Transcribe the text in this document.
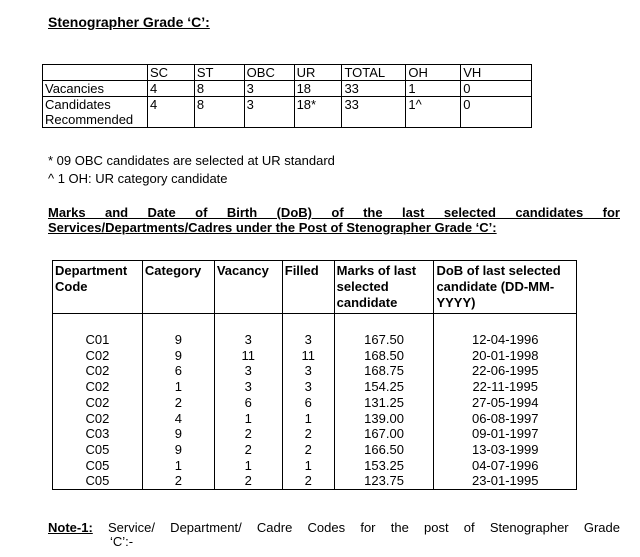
Stenographer Grade ‘C’:
	SC	ST	OBC	UR	TOTAL	OH	VH
Vacancies	4	8	3	18	33	1	0
Candidates Recommended	4	8	3	18*	33	1^	0
* 09 OBC candidates are selected at UR standard
^ 1 OH: UR category candidate
Marks and Date of Birth (DoB) of the last selected candidates for
Services/Departments/Cadres under the Post of Stenographer Grade ‘C’:
Department Code	Category	Vacancy	Filled	Marks of last selected candidate	DoB of last selected candidate (DD-MM-YYYY)

C01	9	3	3	167.50	12-04-1996
C02	9	11	11	168.50	20-01-1998
C02	6	3	3	168.75	22-06-1995
C02	1	3	3	154.25	22-11-1995
C02	2	6	6	131.25	27-05-1994
C02	4	1	1	139.00	06-08-1997
C03	9	2	2	167.00	09-01-1997
C05	9	2	2	166.50	13-03-1999
C05	1	1	1	153.25	04-07-1996
C05	2	2	2	123.75	23-01-1995
Note-1: Service/ Department/ Cadre Codes for the post of Stenographer Grade
‘C’:-
